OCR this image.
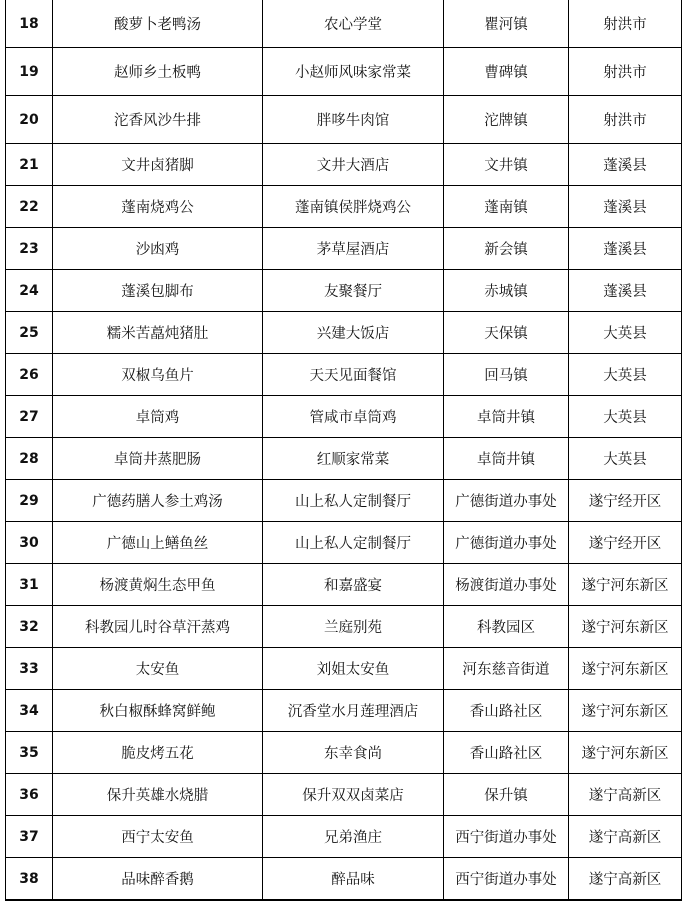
18	酸萝卜老鸭汤	农心学堂	瞿河镇	射洪市
19	赵师乡土板鸭	小赵师风味家常菜	曹碑镇	射洪市
20	沱香风沙牛排	胖哆牛肉馆	沱牌镇	射洪市
21	文井卤猪脚	文井大酒店	文井镇	蓬溪县
22	蓬南烧鸡公	蓬南镇侯胖烧鸡公	蓬南镇	蓬溪县
23	沙凼鸡	茅草屋酒店	新会镇	蓬溪县
24	蓬溪包脚布	友聚餐厅	赤城镇	蓬溪县
25	糯米苦藠炖猪肚	兴建大饭店	天保镇	大英县
26	双椒乌鱼片	天天见面餐馆	回马镇	大英县
27	卓筒鸡	管咸市卓筒鸡	卓筒井镇	大英县
28	卓筒井蒸肥肠	红顺家常菜	卓筒井镇	大英县
29	广德药膳人参土鸡汤	山上私人定制餐厅	广德街道办事处	遂宁经开区
30	广德山上鳝鱼丝	山上私人定制餐厅	广德街道办事处	遂宁经开区
31	杨渡黄焖生态甲鱼	和嘉盛宴	杨渡街道办事处	遂宁河东新区
32	科教园儿时谷草汗蒸鸡	兰庭别苑	科教园区	遂宁河东新区
33	太安鱼	刘姐太安鱼	河东慈音街道	遂宁河东新区
34	秋白椒酥蜂窝鲜鲍	沉香堂水月莲理酒店	香山路社区	遂宁河东新区
35	脆皮烤五花	东幸食尚	香山路社区	遂宁河东新区
36	保升英雄水烧腊	保升双双卤菜店	保升镇	遂宁高新区
37	西宁太安鱼	兄弟渔庄	西宁街道办事处	遂宁高新区
38	品味醉香鹅	醉品味	西宁街道办事处	遂宁高新区
